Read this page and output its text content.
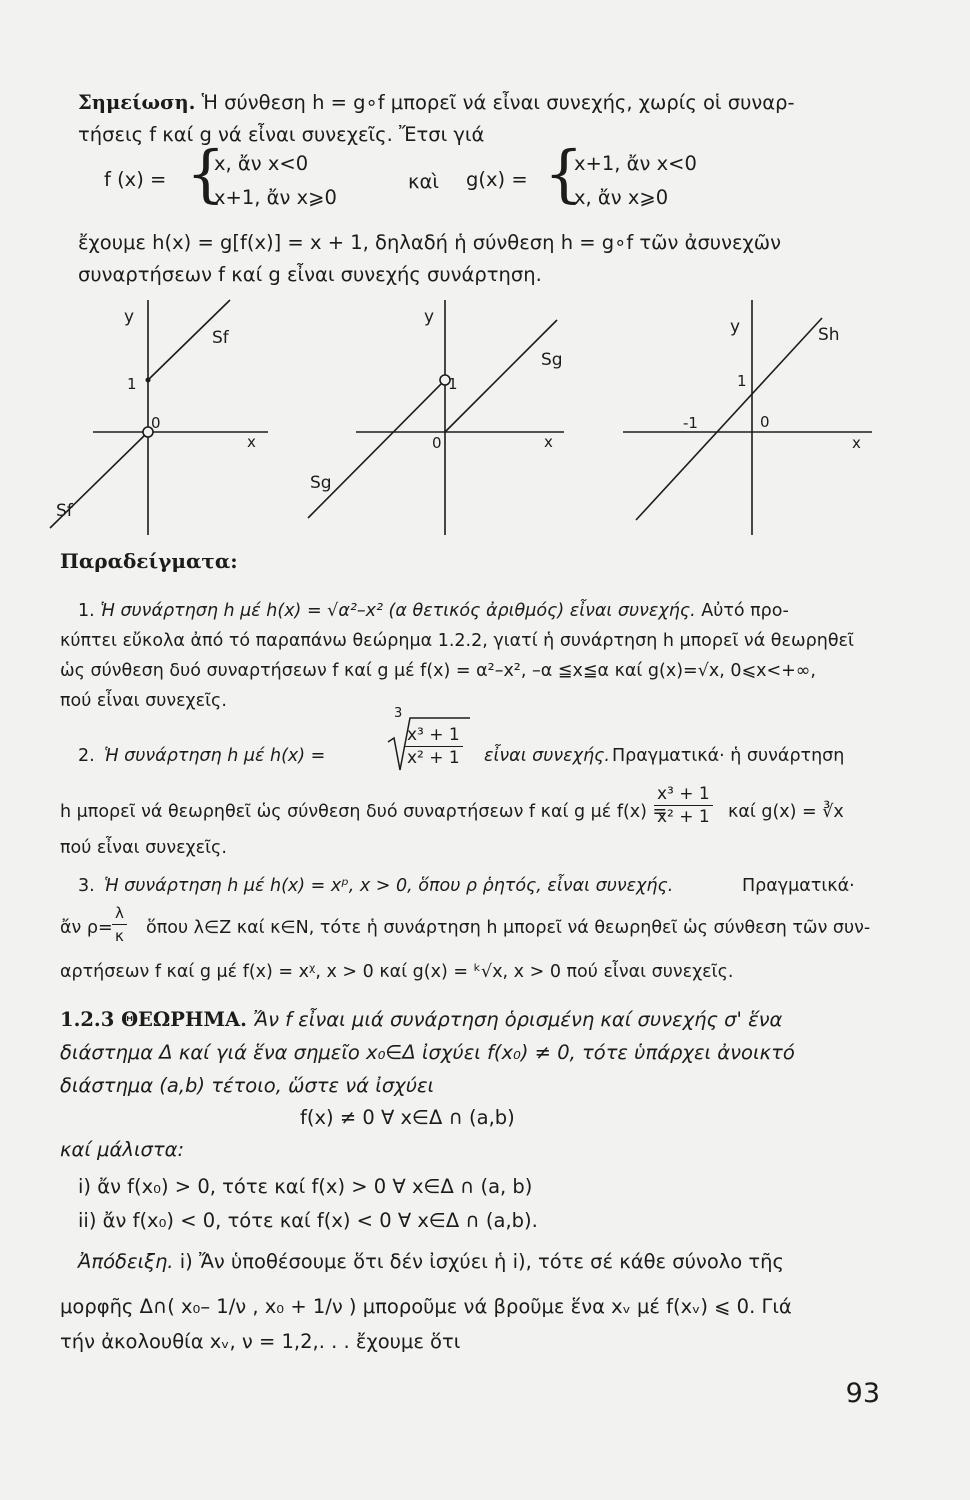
Σημείωση. Ἡ σύνθεση h = g∘f μπορεῖ νά εἶναι συνεχής, χωρίς οἱ συναρ-

τήσεις f καί g νά εἶναι συνεχεῖς. Ἔτσι γιά

f (x) = {
x, ἄν x<0
x+1, ἄν x⩾0
καὶ g(x) = {
x+1, ἄν x<0
x, ἄν x⩾0

ἔχουμε h(x) = g[f(x)] = x + 1, δηλαδή ἡ σύνθεση h = g∘f τῶν ἀσυνεχῶν

συναρτήσεων f καί g εἶναι συνεχής συνάρτηση.

y
1
0
x
Sf
Sf
y
1
0	x
Sg
Sg
y	Sh
1
-1	0
x

Παραδείγματα:

1. Ἡ συνάρτηση h μέ h(x) = √α²–x² (α θετικός ἀριθμός) εἶναι συνεχής. Αὐτό προ-

κύπτει εὔκολα ἀπό τό παραπάνω θεώρημα 1.2.2, γιατί ἡ συνάρτηση h μπορεῖ νά θεωρηθεῖ

ὡς σύνθεση δυό συναρτήσεων f καί g μέ f(x) = α²–x², –α ≦x≦α καί g(x)=√x, 0⩽x<+∞,

πού εἶναι συνεχεῖς.

2. Ἡ συνάρτηση h μέ h(x) =
3
$\frac{\text{x³ + 1}}{\text{x² + 1}}$ εἶναι συνεχής. Πραγματικά· ἡ συνάρτηση
h μπορεῖ νά θεωρηθεῖ ὡς σύνθεση δυό συναρτήσεων f καί g μέ f(x) =
$\frac{\text{x³ + 1}}{\text{x² + 1}}$ καί g(x) = ∛x
πού εἶναι συνεχεῖς.
3. Ἡ συνάρτηση h μέ h(x) = xᵖ, x > 0, ὅπου ρ ῥητός, εἶναι συνεχής.	Πραγματικά·
ἄν $\rho= \frac{\lambda}{\kappa}$ ὅπου λ∈Z καί κ∈N, τότε ἡ συνάρτηση h μπορεῖ νά θεωρηθεῖ ὡς σύνθεση τῶν συν-
αρτήσεων f καί g μέ f(x) = xᵡ, x > 0 καί g(x) = ᵏ√x, x > 0 πού εἶναι συνεχεῖς.

1.2.3 ΘΕΩΡΗΜΑ. Ἄν f εἶναι μιά συνάρτηση ὁρισμένη καί συνεχής σ' ἕνα

διάστημα Δ καί γιά ἕνα σημεῖο x₀∈Δ ἰσχύει f(x₀) ≠ 0, τότε ὑπάρχει ἀνοικτό

διάστημα (a,b) τέτοιο, ὥστε νά ἰσχύει

f(x) ≠ 0 ∀ x∈Δ ∩ (a,b)

καί μάλιστα:

i) ἄν f(x₀) > 0, τότε καί f(x) > 0 ∀ x∈Δ ∩ (a, b)

ii) ἄν f(x₀) < 0, τότε καί f(x) < 0 ∀ x∈Δ ∩ (a,b).

Ἀπόδειξη. i) Ἄν ὑποθέσουμε ὅτι δέν ἰσχύει ἡ i), τότε σέ κάθε σύνολο τῆς

μορφῆς Δ∩( x₀– 1/ν , x₀ + 1/ν ) μποροῦμε νά βροῦμε ἕνα xᵥ μέ f(xᵥ) ⩽ 0. Γιά

τήν ἀκολουθία xᵥ, ν = 1,2,. . . ἔχουμε ὅτι

93
